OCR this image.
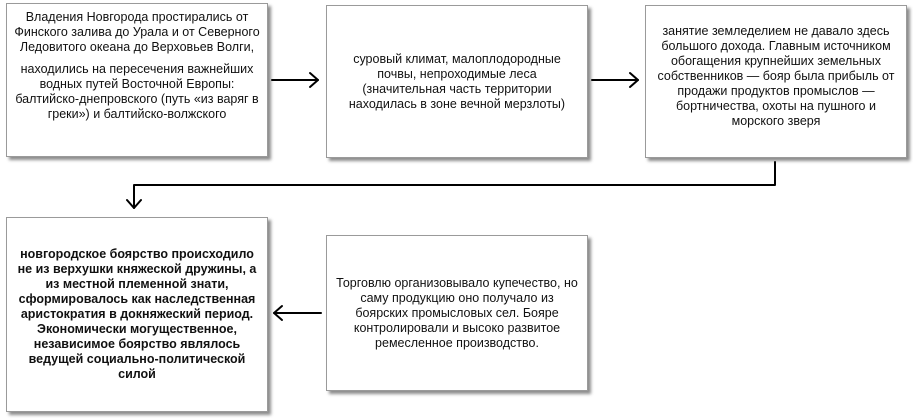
Владения Новгорода простирались от Финского залива до Урала и от Северного Ледовитого океана до Верховьев Волги,

находились на пересечения важнейших водных путей Восточной Европы: балтийско-днепровского (путь «из варяг в греки») и балтийско-волжского

суровый климат, малоплодородные почвы, непроходимые леса

(значительная часть территории находилась в зоне вечной мерзлоты)

занятие земледелием не давало здесь большого дохода. Главным источником обогащения крупнейших земельных собственников — бояр была прибыль от продажи продуктов промыслов — бортничества, охоты на пушного и морского зверя

новгородское боярство происходило не из верхушки княжеской дружины, а из местной племенной знати, сформировалось как наследственная аристократия в докняжеский период. Экономически могущественное, независимое боярство являлось ведущей социально-политической силой

Торговлю организовывало купечество, но саму продукцию оно получало из боярских промысловых сел. Бояре контролировали и высоко развитое ремесленное производство.
